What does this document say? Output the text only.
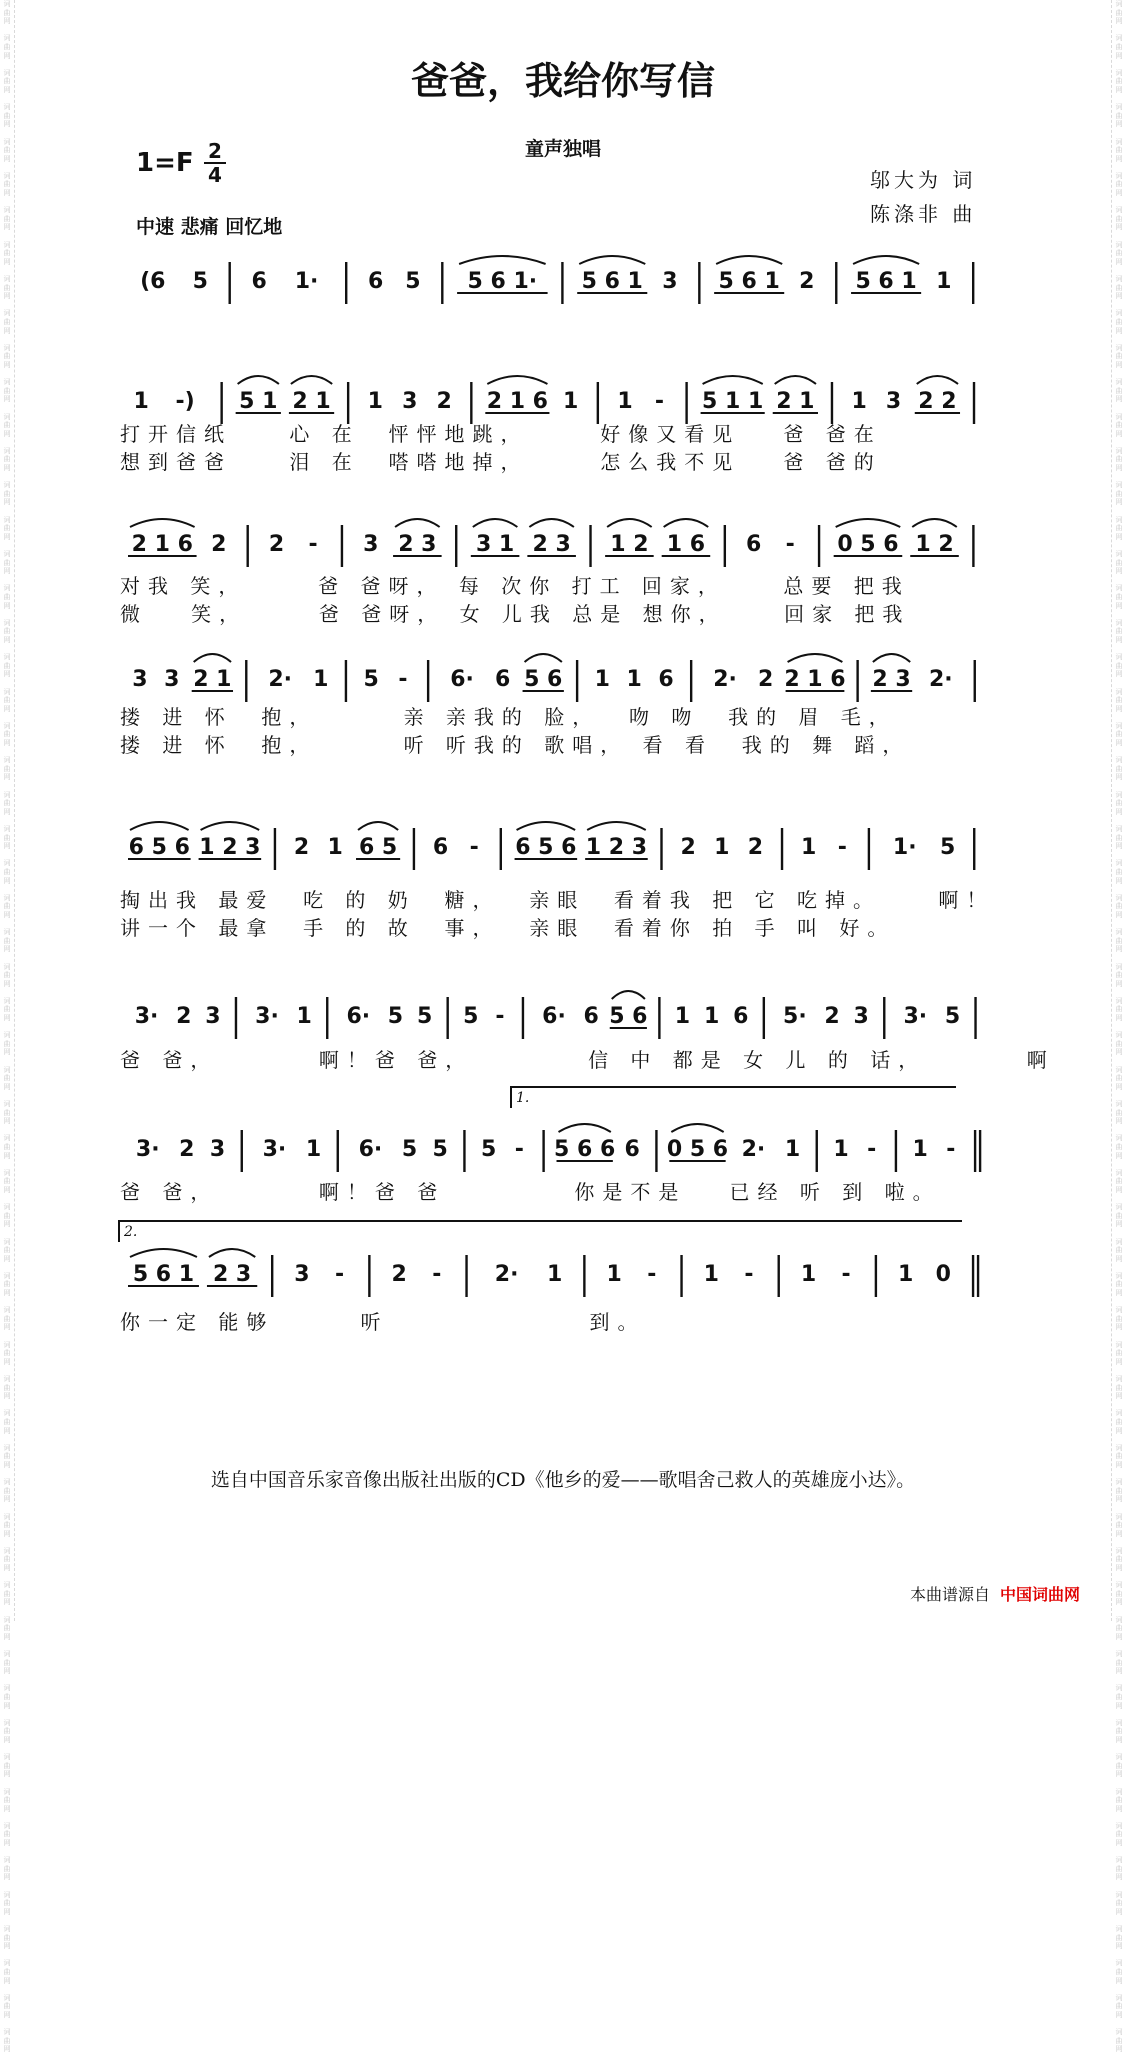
词
曲
网

词
曲
网

词
曲
网

词
曲
网

词
曲
网

词
曲
网

词
曲
网

词
曲
网

词
曲
网

词
曲
网

词
曲
网

词
曲
网

词
曲
网

词
曲
网

词
曲
网

词
曲
网

词
曲
网

词
曲
网

词
曲
网

词
曲
网

词
曲
网

词
曲
网

词
曲
网

词
曲
网

词
曲
网

词
曲
网

词
曲
网

词
曲
网

词
曲
网

词
曲
网

词
曲
网

词
曲
网

词
曲
网

词
曲
网

词
曲
网

词
曲
网

词
曲
网

词
曲
网

词
曲
网

词
曲
网

词
曲
网

词
曲
网

词
曲
网

词
曲
网

词
曲
网

词
曲
网

词
曲
网

词
曲
网

词
曲
网

词
曲
网

词
曲
网

词
曲
网

词
曲
网

词
曲
网

词
曲
网

词
曲
网

词
曲
网

词
曲
网

词
曲
网

词
曲
网

词
曲
网

词
曲
网

词
曲
网

词
曲
网

词
曲
网

词
曲
网

词
曲
网

词
曲
网

词
曲
网

词
曲
网

词
曲
网

词
曲
网

词
曲
网

词
曲
网

词
曲
网

词
曲
网

词
曲
网

词
曲
网

词
曲
网

词
曲
网

词
曲
网

词
曲
网

词
曲
网

词
曲
网

词
曲
网

词
曲
网

词
曲
网

词
曲
网

词
曲
网

词
曲
网

词
曲
网

词
曲
网

词
曲
网

词
曲
网

词
曲
网

词
曲
网

词
曲
网

词
曲
网

词
曲
网

词
曲
网

词
曲
网

词
曲
网

词
曲
网

词
曲
网

词
曲
网

词
曲
网

词
曲
网

词
曲
网

词
曲
网

词
曲
网

词
曲
网

词
曲
网

词
曲
网

词
曲
网

词
曲
网

词
曲
网

词
曲
网

词
曲
网

词
曲
网

词
曲
网

爸爸，我给你写信
童声独唱
1=F 2
4
中速 悲痛 回忆地
邬大为 词
陈涤非 曲
(6 5 6 1· 6 5 5 6 1· 5 6 1 3 5 6 1 2 5 6 1 1
1 -) 5 1 2 1 1 3 2 2 1 6 1 1 - 5 1 1 2 1 1 3 2 2
打开信纸    心 在  怦怦地跳，     好像又看见   爸 爸在
想到爸爸    泪 在  嗒嗒地掉，     怎么我不见   爸 爸的
2 1 6 2 2 - 3 2 3 3 1 2 3 1 2 1 6 6 - 0 5 6 1 2
对我 笑，     爸 爸呀， 每 次你 打工 回家，    总要 把我
微   笑，     爸 爸呀， 女 儿我 总是 想你，    回家 把我
3 3 2 1 2· 1 5 - 6· 6 5 6 1 1 6 2· 2 2 1 6 2 3 2·
搂 进 怀  抱，      亲 亲我的 脸，  吻 吻  我的 眉 毛，
搂 进 怀  抱，      听 听我的 歌唱， 看 看  我的 舞 蹈，
6 5 6 1 2 3 2 1 6 5 6 - 6 5 6 1 2 3 2 1 2 1 - 1· 5
掏出我 最爱  吃 的 奶  糖，  亲眼  看着我 把 它 吃掉。    啊！
讲一个 最拿  手 的 故  事，  亲眼  看着你 拍 手 叫 好。
3· 2 3 3· 1 6· 5 5 5 - 6· 6 5 6 1 1 6 5· 2 3 3· 5
爸 爸，       啊！爸 爸，        信 中 都是 女 儿 的 话，       啊
3· 2 3 3· 1 6· 5 5 5 - 5 6 6 6 0 5 6 2· 1 1 - 1 -
爸 爸，       啊！爸 爸         你是不是   已经 听 到 啦。
5 6 1 2 3 3 - 2 - 2· 1 1 - 1 - 1 - 1 0
你一定 能够      听              到。
1.
2.
选自中国音乐家音像出版社出版的CD《他乡的爱——歌唱舍己救人的英雄庞小达》。
本曲谱源自 中国词曲网
